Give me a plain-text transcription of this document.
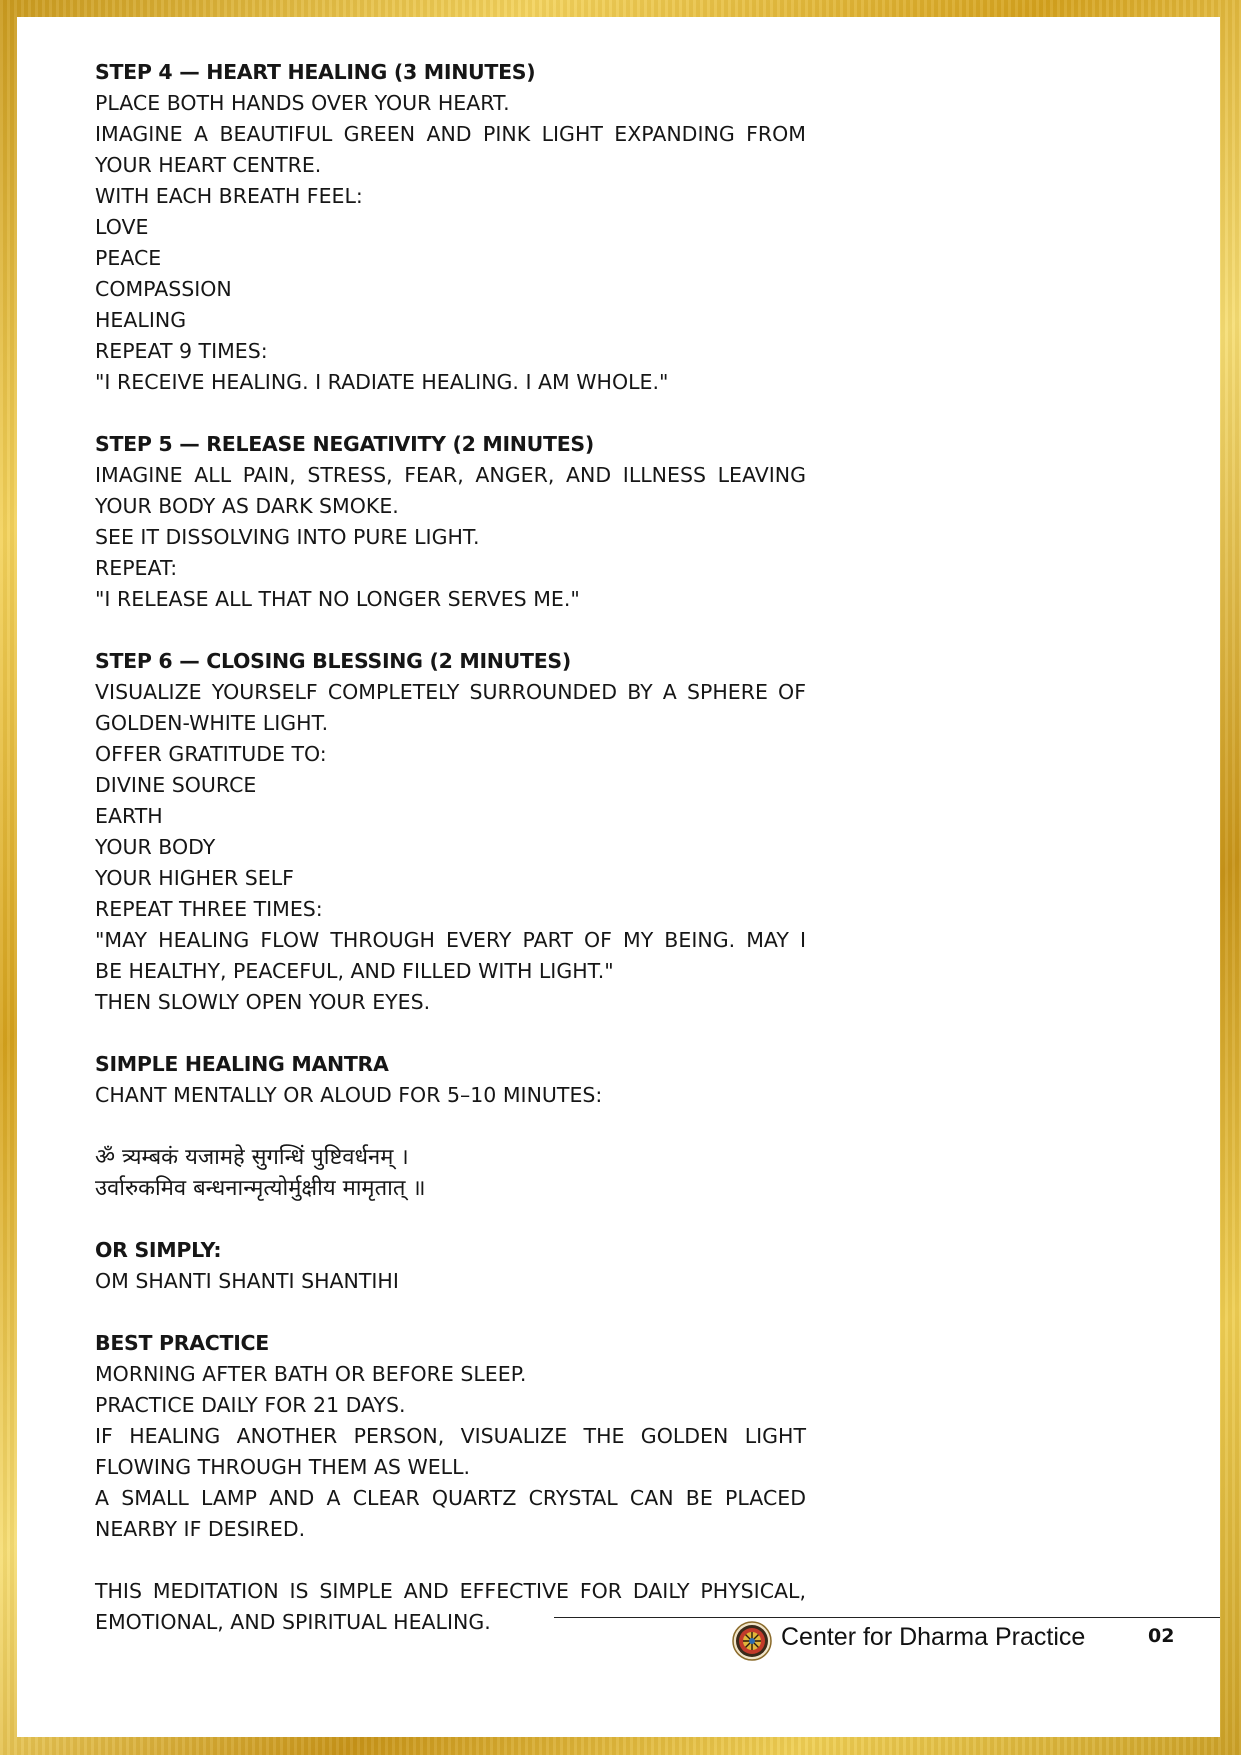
STEP 4 — HEART HEALING (3 MINUTES)
PLACE BOTH HANDS OVER YOUR HEART.
IMAGINE A BEAUTIFUL GREEN AND PINK LIGHT EXPANDING FROM
YOUR HEART CENTRE.
WITH EACH BREATH FEEL:
LOVE
PEACE
COMPASSION
HEALING
REPEAT 9 TIMES:
"I RECEIVE HEALING. I RADIATE HEALING. I AM WHOLE."
STEP 5 — RELEASE NEGATIVITY (2 MINUTES)
IMAGINE ALL PAIN, STRESS, FEAR, ANGER, AND ILLNESS LEAVING
YOUR BODY AS DARK SMOKE.
SEE IT DISSOLVING INTO PURE LIGHT.
REPEAT:
"I RELEASE ALL THAT NO LONGER SERVES ME."
STEP 6 — CLOSING BLESSING (2 MINUTES)
VISUALIZE YOURSELF COMPLETELY SURROUNDED BY A SPHERE OF
GOLDEN-WHITE LIGHT.
OFFER GRATITUDE TO:
DIVINE SOURCE
EARTH
YOUR BODY
YOUR HIGHER SELF
REPEAT THREE TIMES:
"MAY HEALING FLOW THROUGH EVERY PART OF MY BEING. MAY I
BE HEALTHY, PEACEFUL, AND FILLED WITH LIGHT."
THEN SLOWLY OPEN YOUR EYES.
SIMPLE HEALING MANTRA
CHANT MENTALLY OR ALOUD FOR 5–10 MINUTES:
ॐ त्र्यम्बकं यजामहे सुगन्धिं पुष्टिवर्धनम् ।
उर्वारुकमिव बन्धनान्मृत्योर्मुक्षीय मामृतात् ॥
OR SIMPLY:
OM SHANTI SHANTI SHANTIHI
BEST PRACTICE
MORNING AFTER BATH OR BEFORE SLEEP.
PRACTICE DAILY FOR 21 DAYS.
IF HEALING ANOTHER PERSON, VISUALIZE THE GOLDEN LIGHT
FLOWING THROUGH THEM AS WELL.
A SMALL LAMP AND A CLEAR QUARTZ CRYSTAL CAN BE PLACED
NEARBY IF DESIRED.
THIS MEDITATION IS SIMPLE AND EFFECTIVE FOR DAILY PHYSICAL,
EMOTIONAL, AND SPIRITUAL HEALING.
Center for Dharma Practice	02
